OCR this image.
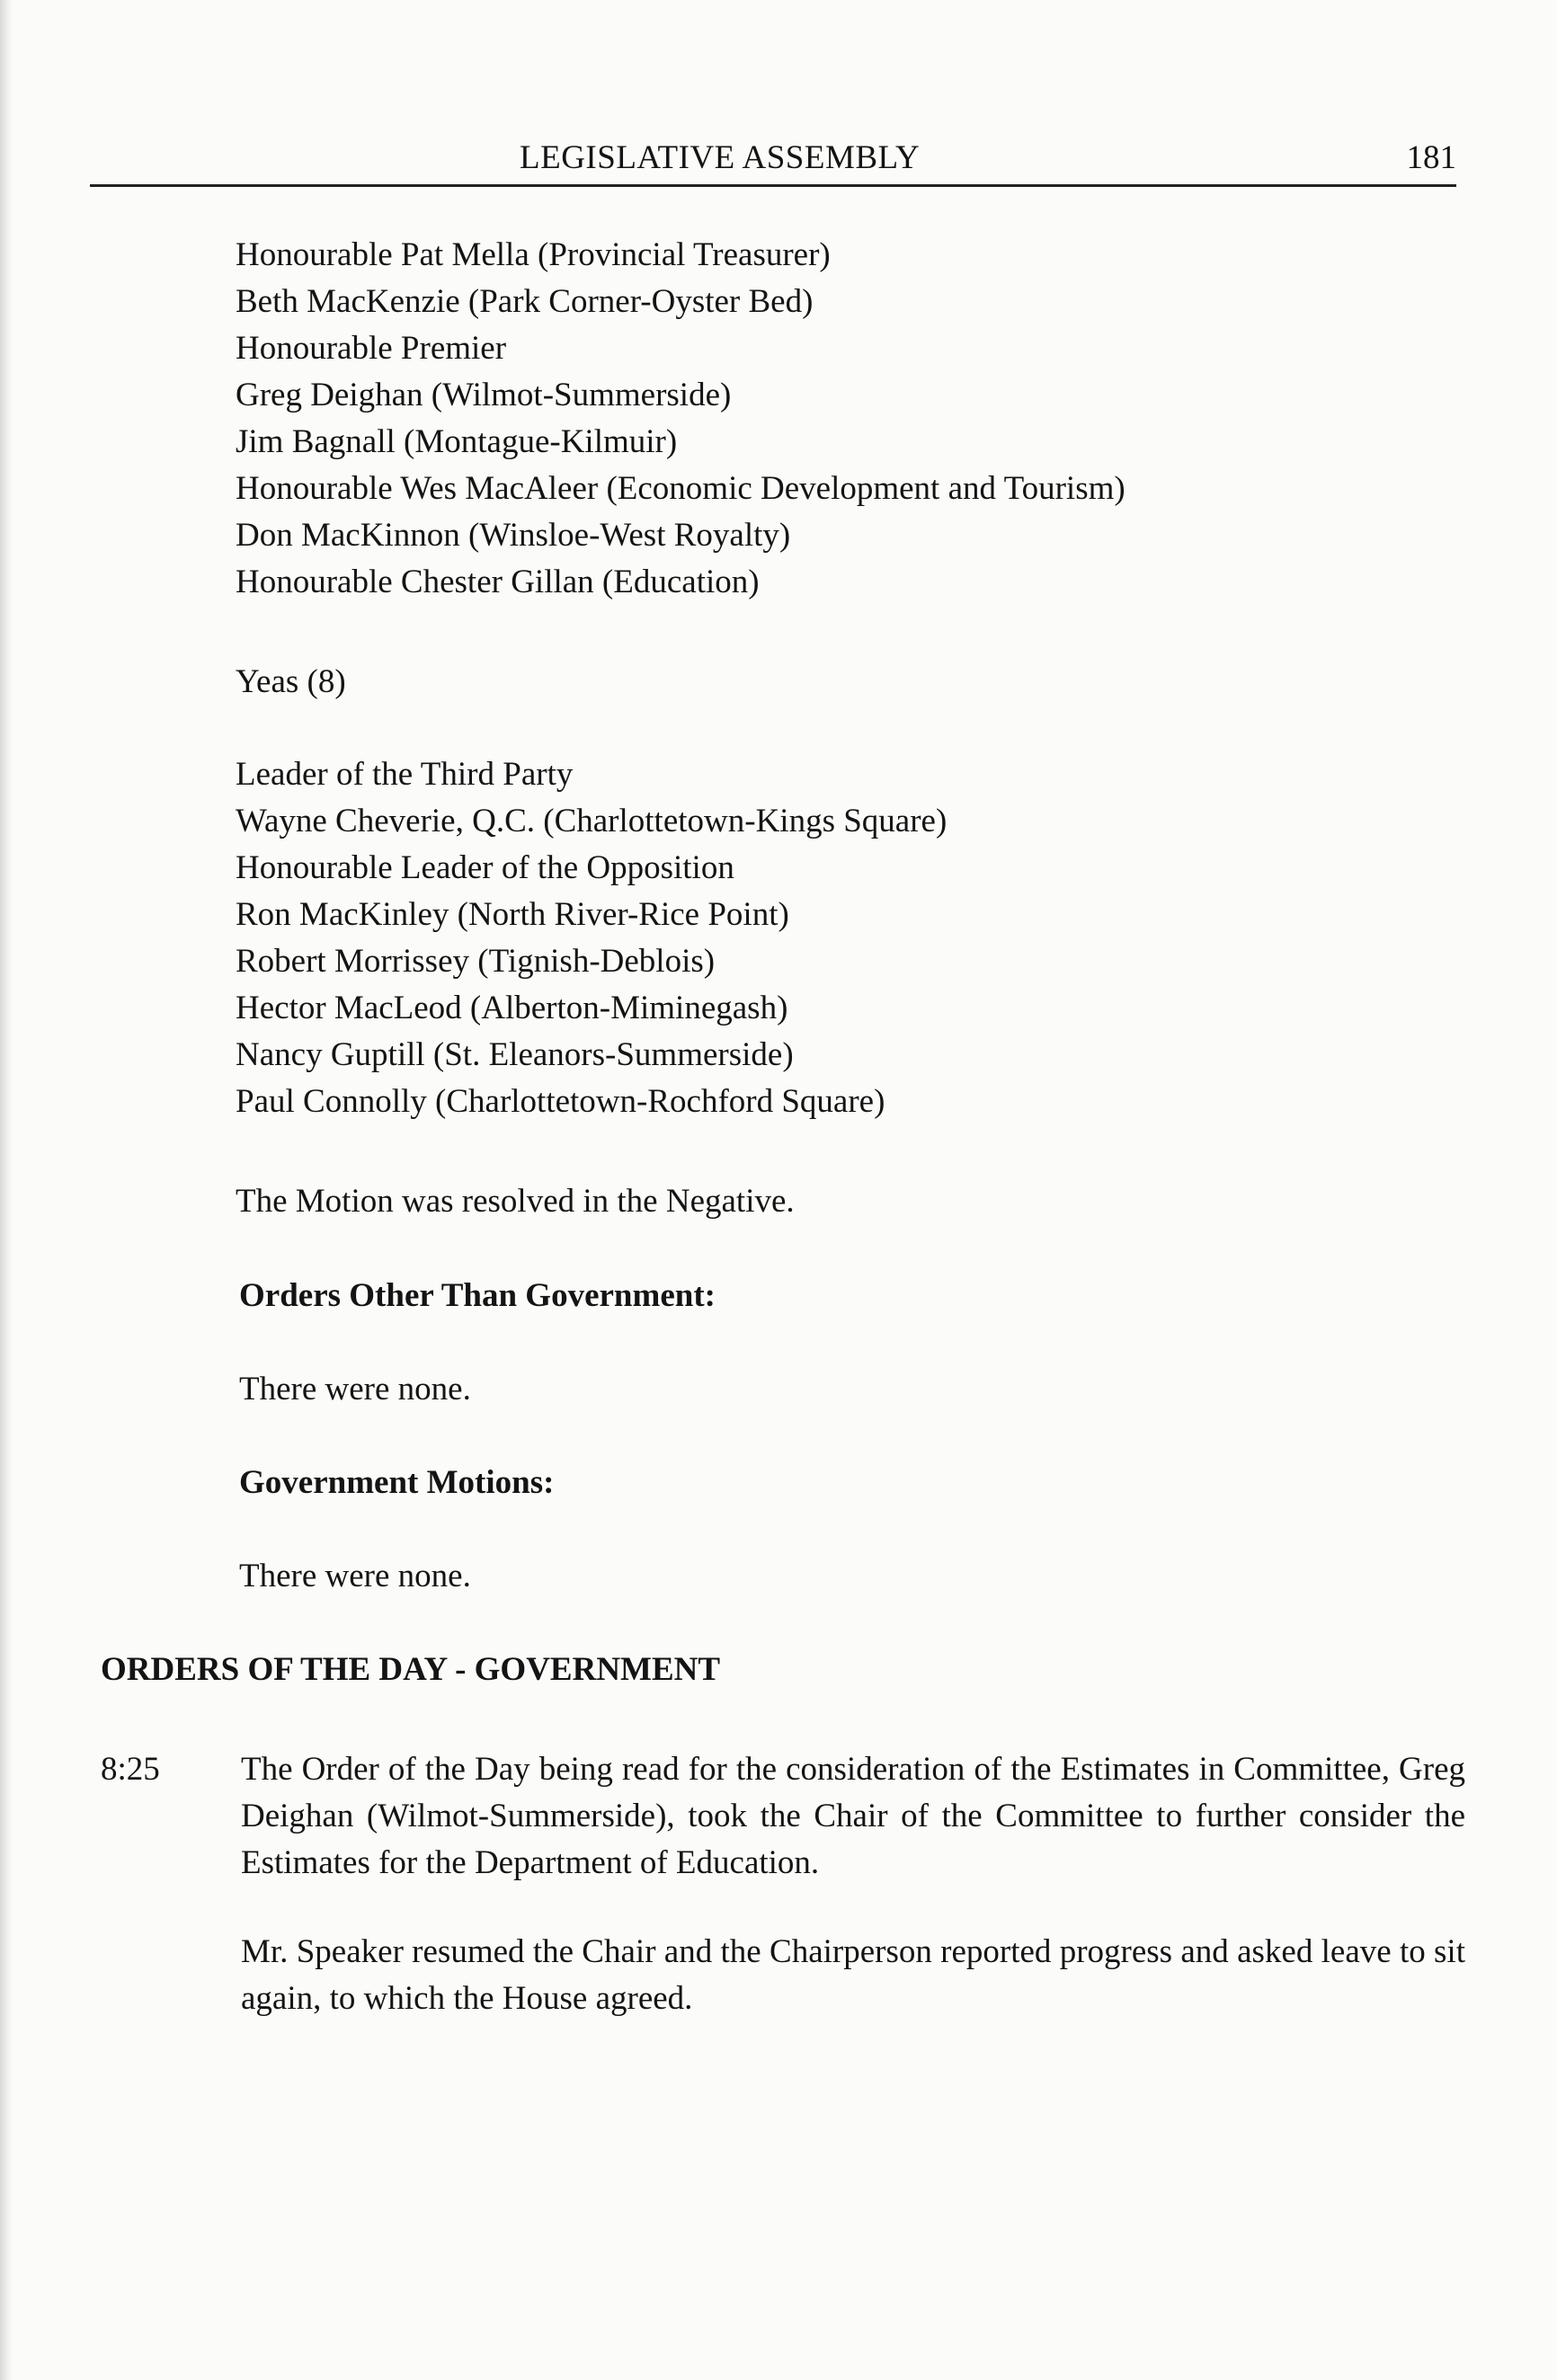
LEGISLATIVE ASSEMBLY	181
Honourable Pat Mella (Provincial Treasurer)
Beth MacKenzie (Park Corner-Oyster Bed)
Honourable Premier
Greg Deighan (Wilmot-Summerside)
Jim Bagnall (Montague-Kilmuir)
Honourable Wes MacAleer (Economic Development and Tourism)
Don MacKinnon (Winsloe-West Royalty)
Honourable Chester Gillan (Education)
Yeas (8)
Leader of the Third Party
Wayne Cheverie, Q.C. (Charlottetown-Kings Square)
Honourable Leader of the Opposition
Ron MacKinley (North River-Rice Point)
Robert Morrissey (Tignish-Deblois)
Hector MacLeod (Alberton-Miminegash)
Nancy Guptill (St. Eleanors-Summerside)
Paul Connolly (Charlottetown-Rochford Square)
The Motion was resolved in the Negative.
Orders Other Than Government:
There were none.
Government Motions:
There were none.
ORDERS OF THE DAY - GOVERNMENT
8:25 The Order of the Day being read for the consideration of the Estimates in Committee, Greg Deighan (Wilmot-Summerside), took the Chair of the Committee to further consider the Estimates for the Department of Education.
Mr. Speaker resumed the Chair and the Chairperson reported progress and asked leave to sit again, to which the House agreed.
